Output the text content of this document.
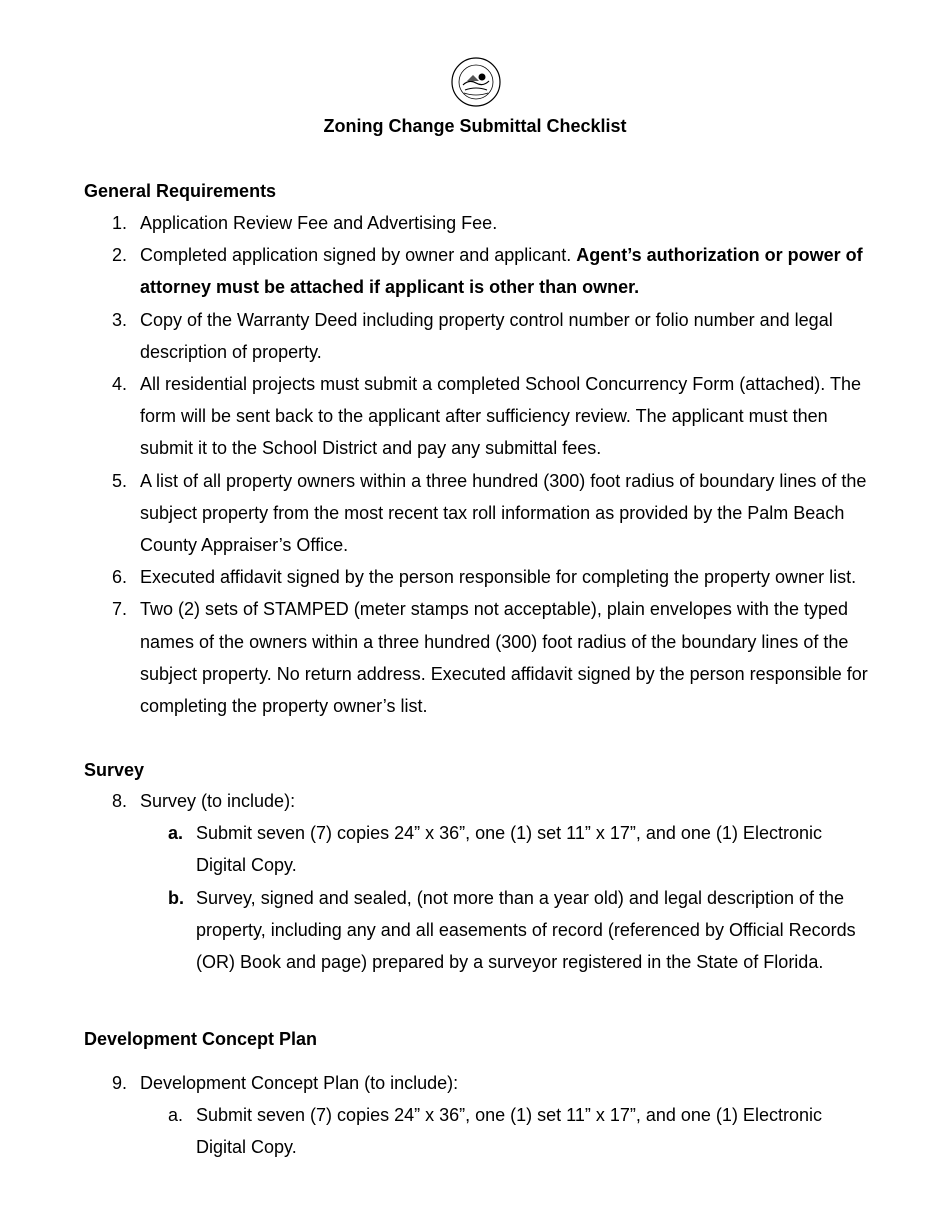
Zoning Change Submittal Checklist
General Requirements
1. Application Review Fee and Advertising Fee.
2. Completed application signed by owner and applicant. Agent’s authorization or power of attorney must be attached if applicant is other than owner.
3. Copy of the Warranty Deed including property control number or folio number and legal description of property.
4. All residential projects must submit a completed School Concurrency Form (attached). The form will be sent back to the applicant after sufficiency review. The applicant must then submit it to the School District and pay any submittal fees.
5. A list of all property owners within a three hundred (300) foot radius of boundary lines of the subject property from the most recent tax roll information as provided by the Palm Beach County Appraiser’s Office.
6. Executed affidavit signed by the person responsible for completing the property owner list.
7. Two (2) sets of STAMPED (meter stamps not acceptable), plain envelopes with the typed names of the owners within a three hundred (300) foot radius of the boundary lines of the subject property. No return address. Executed affidavit signed by the person responsible for completing the property owner’s list.
Survey
8. Survey (to include):
a. Submit seven (7) copies 24” x 36”, one (1) set 11” x 17”, and one (1) Electronic Digital Copy.
b. Survey, signed and sealed, (not more than a year old) and legal description of the property, including any and all easements of record (referenced by Official Records (OR) Book and page) prepared by a surveyor registered in the State of Florida.
Development Concept Plan
9. Development Concept Plan (to include):
a. Submit seven (7) copies 24” x 36”, one (1) set 11” x 17”, and one (1) Electronic Digital Copy.
